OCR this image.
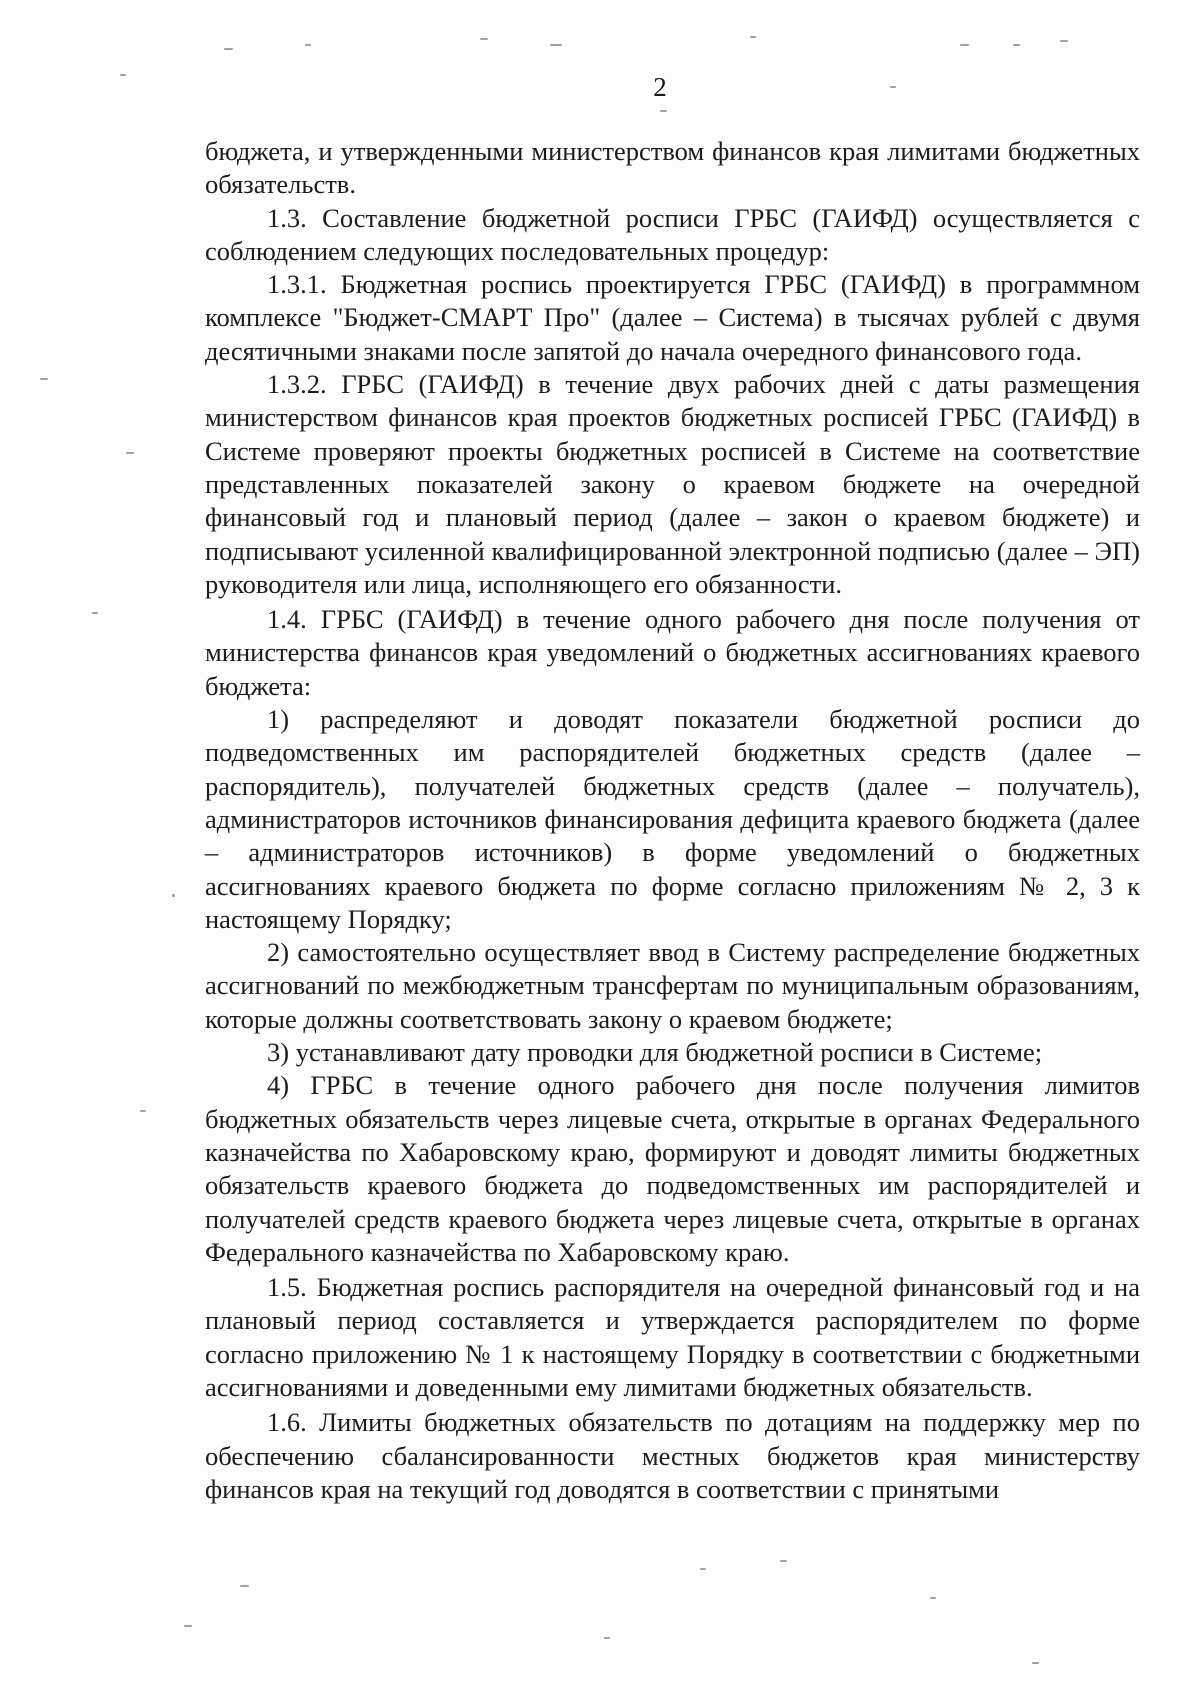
2

бюджета, и утвержденными министерством финансов края лимитами бюджетных обязательств.

1.3. Составление бюджетной росписи ГРБС (ГАИФД) осуществляется с соблюдением следующих последовательных процедур:

1.3.1. Бюджетная роспись проектируется ГРБС (ГАИФД) в программном комплексе "Бюджет-СМАРТ Про" (далее – Система) в тысячах рублей с двумя десятичными знаками после запятой до начала очередного финансового года.

1.3.2. ГРБС (ГАИФД) в течение двух рабочих дней с даты размещения министерством финансов края проектов бюджетных росписей ГРБС (ГАИФД) в Системе проверяют проекты бюджетных росписей в Системе на соответствие представленных показателей закону о краевом бюджете на очередной финансовый год и плановый период (далее – закон о краевом бюджете) и подписывают усиленной квалифицированной электронной подписью (далее – ЭП) руководителя или лица, исполняющего его обязанности.

1.4. ГРБС (ГАИФД) в течение одного рабочего дня после получения от министерства финансов края уведомлений о бюджетных ассигнованиях краевого бюджета:

1) распределяют и доводят показатели бюджетной росписи до подведомственных им распорядителей бюджетных средств (далее – распорядитель), получателей бюджетных средств (далее – получатель), администраторов источников финансирования дефицита краевого бюджета (далее – администраторов источников) в форме уведомлений о бюджетных ассигнованиях краевого бюджета по форме согласно приложениям № 2, 3 к настоящему Порядку;

2) самостоятельно осуществляет ввод в Систему распределение бюджетных ассигнований по межбюджетным трансфертам по муниципальным образованиям, которые должны соответствовать закону о краевом бюджете;

3) устанавливают дату проводки для бюджетной росписи в Системе;

4) ГРБС в течение одного рабочего дня после получения лимитов бюджетных обязательств через лицевые счета, открытые в органах Федерального казначейства по Хабаровскому краю, формируют и доводят лимиты бюджетных обязательств краевого бюджета до подведомственных им распорядителей и получателей средств краевого бюджета через лицевые счета, открытые в органах Федерального казначейства по Хабаровскому краю.

1.5. Бюджетная роспись распорядителя на очередной финансовый год и на плановый период составляется и утверждается распорядителем по форме согласно приложению № 1 к настоящему Порядку в соответствии с бюджетными ассигнованиями и доведенными ему лимитами бюджетных обязательств.

1.6. Лимиты бюджетных обязательств по дотациям на поддержку мер по обеспечению сбалансированности местных бюджетов края министерству финансов края на текущий год доводятся в соответствии с принятыми
